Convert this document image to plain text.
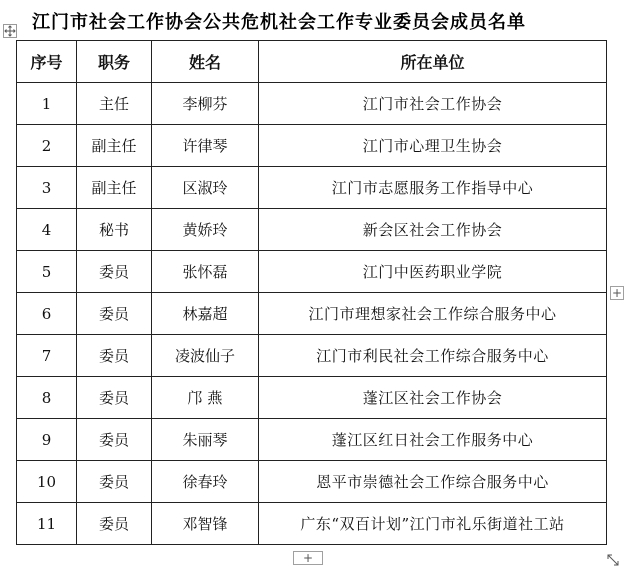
江门市社会工作协会公共危机社会工作专业委员会成员名单
序号	职务	姓名	所在单位
1	主任	李柳芬	江门市社会工作协会
2	副主任	许律琴	江门市心理卫生协会
3	副主任	区淑玲	江门市志愿服务工作指导中心
4	秘书	黄娇玲	新会区社会工作协会
5	委员	张怀磊	江门中医药职业学院
6	委员	林嘉超	江门市理想家社会工作综合服务中心
7	委员	凌波仙子	江门市利民社会工作综合服务中心
8	委员	邝 燕	蓬江区社会工作协会
9	委员	朱丽琴	蓬江区红日社会工作服务中心
10	委员	徐春玲	恩平市崇德社会工作综合服务中心
11	委员	邓智锋	广东“双百计划”江门市礼乐街道社工站
+
+
